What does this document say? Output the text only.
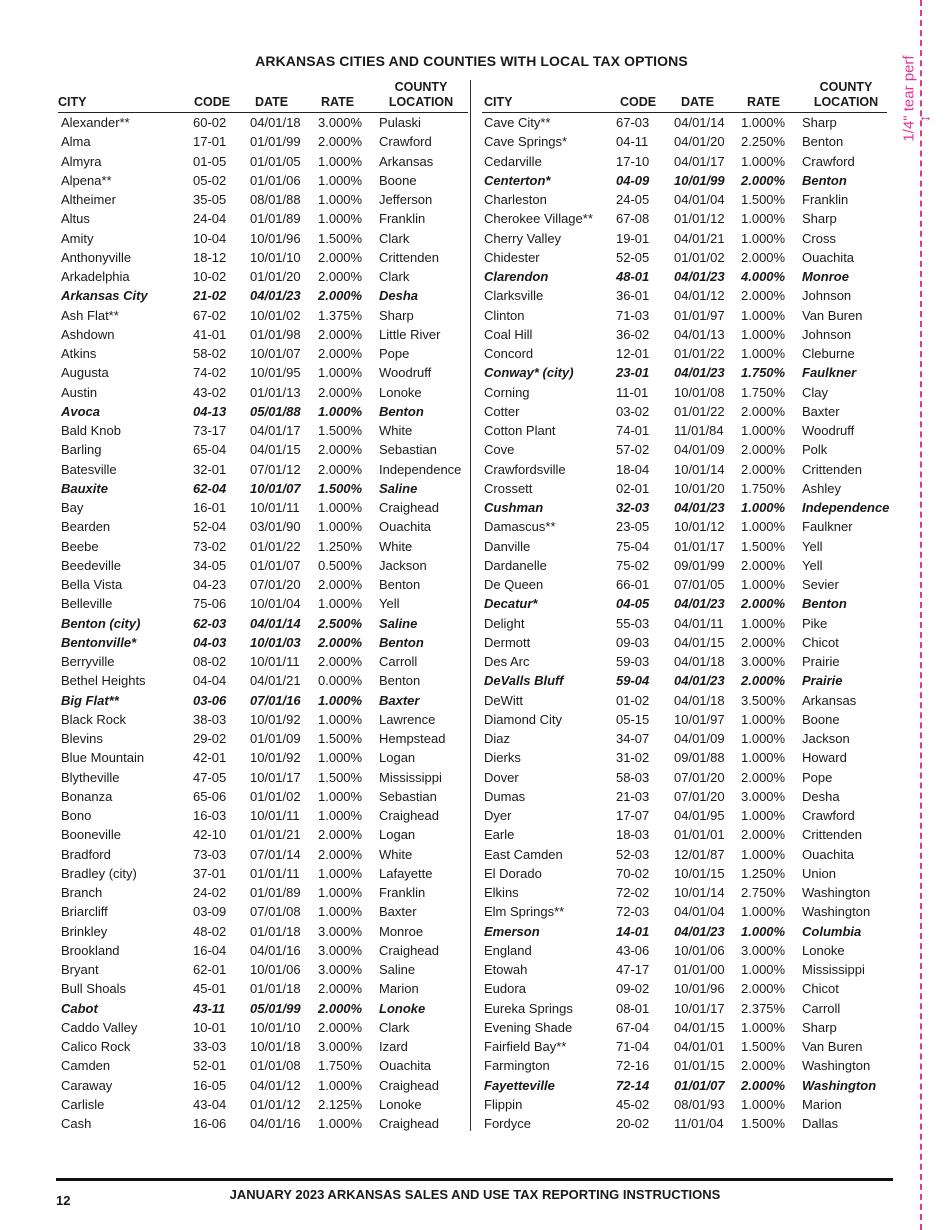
ARKANSAS CITIES AND COUNTIES WITH LOCAL TAX OPTIONS
CITY	CODE DATE	RATE
COUNTY
LOCATION
Alexander**	60-02 04/01/18 3.000% Pulaski
Alma	17-01 01/01/99 2.000% Crawford
Almyra	01-05 01/01/05 1.000% Arkansas
Alpena**	05-02 01/01/06 1.000% Boone
Altheimer	35-05 08/01/88 1.000% Jefferson
Altus	24-04 01/01/89 1.000% Franklin
Amity	10-04 10/01/96 1.500% Clark
Anthonyville	18-12 10/01/10 2.000% Crittenden
Arkadelphia	10-02 01/01/20 2.000% Clark
Arkansas City	21-02 04/01/23 2.000% Desha
Ash Flat**	67-02 10/01/02 1.375% Sharp
Ashdown	41-01 01/01/98 2.000% Little River
Atkins	58-02 10/01/07 2.000% Pope
Augusta	74-02 10/01/95 1.000% Woodruff
Austin	43-02 01/01/13 2.000% Lonoke
Avoca	04-13 05/01/88 1.000% Benton
Bald Knob	73-17 04/01/17 1.500% White
Barling	65-04 04/01/15 2.000% Sebastian
Batesville	32-01 07/01/12 2.000% Independence
Bauxite	62-04 10/01/07 1.500% Saline
Bay	16-01 10/01/11 1.000% Craighead
Bearden	52-04 03/01/90 1.000% Ouachita
Beebe	73-02 01/01/22 1.250% White
Beedeville	34-05 01/01/07 0.500% Jackson
Bella Vista	04-23 07/01/20 2.000% Benton
Belleville	75-06 10/01/04 1.000% Yell
Benton (city)	62-03 04/01/14 2.500% Saline
Bentonville*	04-03 10/01/03 2.000% Benton
Berryville	08-02 10/01/11 2.000% Carroll
Bethel Heights	04-04 04/01/21 0.000% Benton
Big Flat**	03-06 07/01/16 1.000% Baxter
Black Rock	38-03 10/01/92 1.000% Lawrence
Blevins	29-02 01/01/09 1.500% Hempstead
Blue Mountain	42-01 10/01/92 1.000% Logan
Blytheville	47-05 10/01/17 1.500% Mississippi
Bonanza	65-06 01/01/02 1.000% Sebastian
Bono	16-03 10/01/11 1.000% Craighead
Booneville	42-10 01/01/21 2.000% Logan
Bradford	73-03 07/01/14 2.000% White
Bradley (city)	37-01 01/01/11 1.000% Lafayette
Branch	24-02 01/01/89 1.000% Franklin
Briarcliff	03-09 07/01/08 1.000% Baxter
Brinkley	48-02 01/01/18 3.000% Monroe
Brookland	16-04 04/01/16 3.000% Craighead
Bryant	62-01 10/01/06 3.000% Saline
Bull Shoals	45-01 01/01/18 2.000% Marion
Cabot	43-11 05/01/99 2.000% Lonoke
Caddo Valley	10-01 10/01/10 2.000% Clark
Calico Rock	33-03 10/01/18 3.000% Izard
Camden	52-01 01/01/08 1.750% Ouachita
Caraway	16-05 04/01/12 1.000% Craighead
Carlisle	43-04 01/01/12 2.125% Lonoke
Cash	16-06 04/01/16 1.000% Craighead
CITY	CODE DATE	RATE
COUNTY
LOCATION
Cave City**	67-03 04/01/14 1.000% Sharp
Cave Springs*	04-11 04/01/20 2.250% Benton
Cedarville	17-10 04/01/17 1.000% Crawford
Centerton*	04-09 10/01/99 2.000% Benton
Charleston	24-05 04/01/04 1.500% Franklin
Cherokee Village** 67-08 01/01/12 1.000% Sharp
Cherry Valley	19-01 04/01/21 1.000% Cross
Chidester	52-05 01/01/02 2.000% Ouachita
Clarendon	48-01 04/01/23 4.000% Monroe
Clarksville	36-01 04/01/12 2.000% Johnson
Clinton	71-03 01/01/97 1.000% Van Buren
Coal Hill	36-02 04/01/13 1.000% Johnson
Concord	12-01 01/01/22 1.000% Cleburne
Conway* (city)	23-01 04/01/23 1.750% Faulkner
Corning	11-01 10/01/08 1.750% Clay
Cotter	03-02 01/01/22 2.000% Baxter
Cotton Plant	74-01 11/01/84 1.000% Woodruff
Cove	57-02 04/01/09 2.000% Polk
Crawfordsville	18-04 10/01/14 2.000% Crittenden
Crossett	02-01 10/01/20 1.750% Ashley
Cushman	32-03 04/01/23 1.000% Independence
Damascus**	23-05 10/01/12 1.000% Faulkner
Danville	75-04 01/01/17 1.500% Yell
Dardanelle	75-02 09/01/99 2.000% Yell
De Queen	66-01 07/01/05 1.000% Sevier
Decatur*	04-05 04/01/23 2.000% Benton
Delight	55-03 04/01/11 1.000% Pike
Dermott	09-03 04/01/15 2.000% Chicot
Des Arc	59-03 04/01/18 3.000% Prairie
DeValls Bluff	59-04 04/01/23 2.000% Prairie
DeWitt	01-02 04/01/18 3.500% Arkansas
Diamond City	05-15 10/01/97 1.000% Boone
Diaz	34-07 04/01/09 1.000% Jackson
Dierks	31-02 09/01/88 1.000% Howard
Dover	58-03 07/01/20 2.000% Pope
Dumas	21-03 07/01/20 3.000% Desha
Dyer	17-07 04/01/95 1.000% Crawford
Earle	18-03 01/01/01 2.000% Crittenden
East Camden	52-03 12/01/87 1.000% Ouachita
El Dorado	70-02 10/01/15 1.250% Union
Elkins	72-02 10/01/14 2.750% Washington
Elm Springs**	72-03 04/01/04 1.000% Washington
Emerson	14-01 04/01/23 1.000% Columbia
England	43-06 10/01/06 3.000% Lonoke
Etowah	47-17 01/01/00 1.000% Mississippi
Eudora	09-02 10/01/96 2.000% Chicot
Eureka Springs	08-01 10/01/17 2.375% Carroll
Evening Shade	67-04 04/01/15 1.000% Sharp
Fairfield Bay**	71-04 04/01/01 1.500% Van Buren
Farmington	72-16 01/01/15 2.000% Washington
Fayetteville	72-14 01/01/07 2.000% Washington
Flippin	45-02 08/01/93 1.000% Marion
Fordyce	20-02 11/01/04 1.500% Dallas
12	JANUARY 2023 ARKANSAS SALES AND USE TAX REPORTING INSTRUCTIONS
1/4" tear perf ↔
